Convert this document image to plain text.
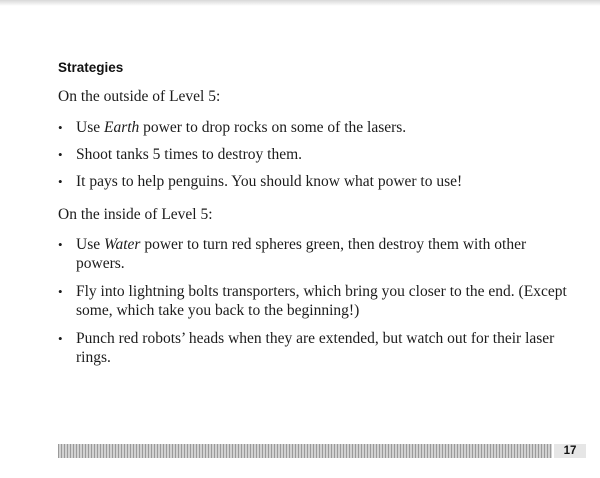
Strategies
On the outside of Level 5:
• Use Earth power to drop rocks on some of the lasers.
• Shoot tanks 5 times to destroy them.
• It pays to help penguins. You should know what power to use!
On the inside of Level 5:
• Use Water power to turn red spheres green, then destroy them with other powers.
• Fly into lightning bolts transporters, which bring you closer to the end. (Except some, which take you back to the beginning!)
• Punch red robots’ heads when they are extended, but watch out for their laser rings.
17
